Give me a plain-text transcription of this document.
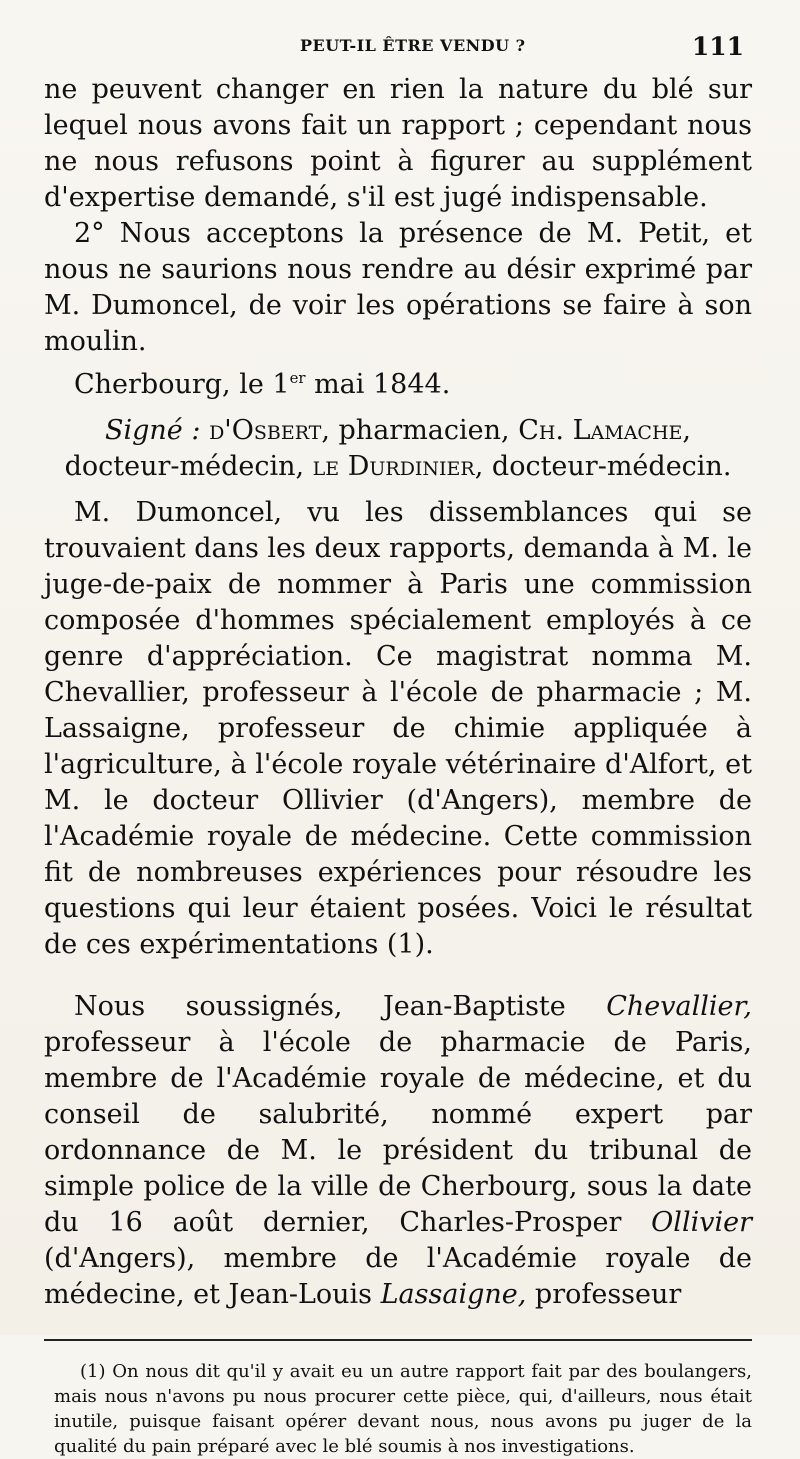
PEUT-IL ÊTRE VENDU ?	111

ne peuvent changer en rien la nature du blé sur lequel nous avons fait un rapport ; cependant nous ne nous refusons point à figurer au supplément d'expertise demandé, s'il est jugé indispensable.

2° Nous acceptons la présence de M. Petit, et nous ne saurions nous rendre au désir exprimé par M. Dumoncel, de voir les opérations se faire à son moulin.

Cherbourg, le 1er mai 1844.

Signé : d'Osbert, pharmacien, Ch. Lamache, docteur-médecin, le Durdinier, docteur-médecin.

M. Dumoncel, vu les dissemblances qui se trouvaient dans les deux rapports, demanda à M. le juge-de-paix de nommer à Paris une commission composée d'hommes spécialement employés à ce genre d'appréciation. Ce magistrat nomma M. Chevallier, professeur à l'école de pharmacie ; M. Lassaigne, professeur de chimie appliquée à l'agriculture, à l'école royale vétérinaire d'Alfort, et M. le docteur Ollivier (d'Angers), membre de l'Académie royale de médecine. Cette commission fit de nombreuses expériences pour résoudre les questions qui leur étaient posées. Voici le résultat de ces expérimentations (1).

Nous soussignés, Jean-Baptiste Chevallier, professeur à l'école de pharmacie de Paris, membre de l'Académie royale de médecine, et du conseil de salubrité, nommé expert par ordonnance de M. le président du tribunal de simple police de la ville de Cherbourg, sous la date du 16 août dernier, Charles-Prosper Ollivier (d'Angers), membre de l'Académie royale de médecine, et Jean-Louis Lassaigne, professeur

(1) On nous dit qu'il y avait eu un autre rapport fait par des boulangers, mais nous n'avons pu nous procurer cette pièce, qui, d'ailleurs, nous était inutile, puisque faisant opérer devant nous, nous avons pu juger de la qualité du pain préparé avec le blé soumis à nos investigations.
